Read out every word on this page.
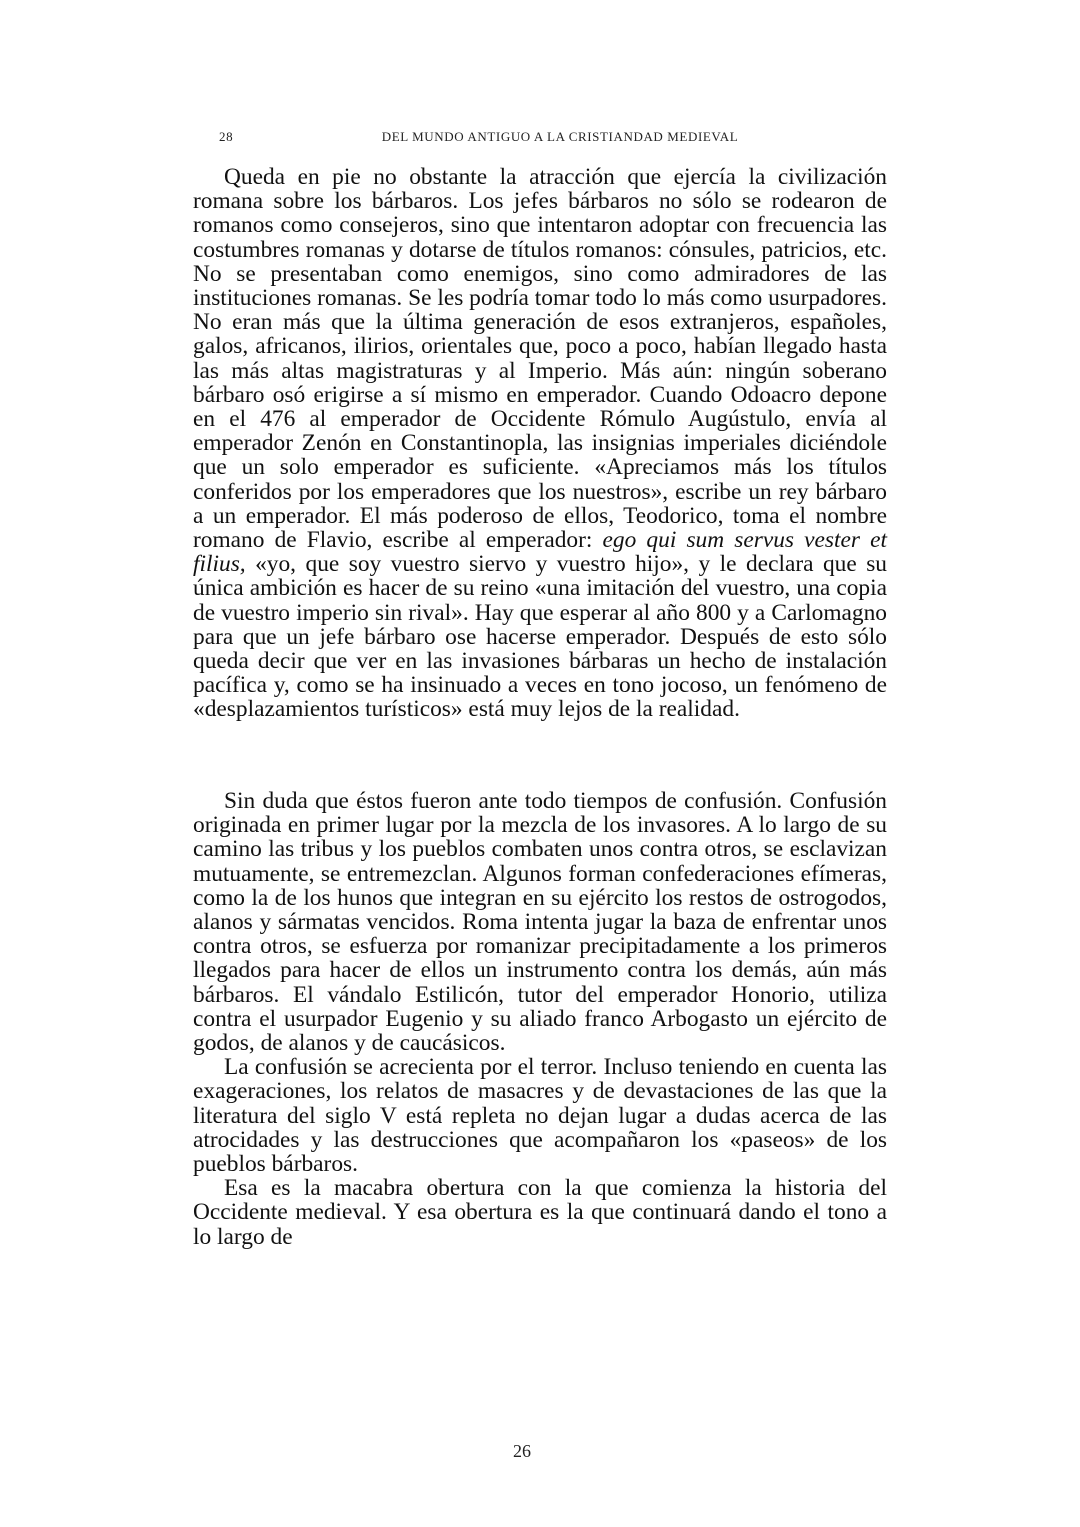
28	DEL MUNDO ANTIGUO A LA CRISTIANDAD MEDIEVAL

Queda en pie no obstante la atracción que ejercía la civilización romana sobre los bárbaros. Los jefes bárbaros no sólo se rodearon de romanos como consejeros, sino que intentaron adoptar con frecuencia las costumbres romanas y dotarse de títulos romanos: cónsules, patricios, etc. No se presentaban como enemigos, sino como admiradores de las instituciones romanas. Se les podría tomar todo lo más como usurpadores. No eran más que la última generación de esos extranjeros, españoles, galos, africanos, ilirios, orientales que, poco a poco, habían llegado hasta las más altas magistraturas y al Imperio. Más aún: ningún soberano bárbaro osó erigirse a sí mismo en emperador. Cuando Odoacro depone en el 476 al emperador de Occidente Rómulo Augústulo, envía al emperador Zenón en Constantinopla, las insignias imperiales diciéndole que un solo emperador es suficiente. «Apreciamos más los títulos conferidos por los emperadores que los nuestros», escribe un rey bárbaro a un emperador. El más poderoso de ellos, Teodorico, toma el nombre romano de Flavio, escribe al emperador: ego qui sum servus vester et filius, «yo, que soy vuestro siervo y vuestro hijo», y le declara que su única ambición es hacer de su reino «una imitación del vuestro, una copia de vuestro imperio sin rival». Hay que esperar al año 800 y a Carlomagno para que un jefe bárbaro ose hacerse emperador. Después de esto sólo queda decir que ver en las invasiones bárbaras un hecho de instalación pacífica y, como se ha insinuado a veces en tono jocoso, un fenómeno de «desplazamientos turísticos» está muy lejos de la realidad.

Sin duda que éstos fueron ante todo tiempos de confusión. Confusión originada en primer lugar por la mezcla de los invasores. A lo largo de su camino las tribus y los pueblos combaten unos contra otros, se esclavizan mutuamente, se entremezclan. Algunos forman confederaciones efímeras, como la de los hunos que integran en su ejército los restos de ostrogodos, alanos y sármatas vencidos. Roma intenta jugar la baza de enfrentar unos contra otros, se esfuerza por romanizar precipitadamente a los primeros llegados para hacer de ellos un instrumento contra los demás, aún más bárbaros. El vándalo Estilicón, tutor del emperador Honorio, utiliza contra el usurpador Eugenio y su aliado franco Arbogasto un ejército de godos, de alanos y de caucásicos.

La confusión se acrecienta por el terror. Incluso teniendo en cuenta las exageraciones, los relatos de masacres y de devastaciones de las que la literatura del siglo V está repleta no dejan lugar a dudas acerca de las atrocidades y las destrucciones que acompañaron los «paseos» de los pueblos bárbaros.

Esa es la macabra obertura con la que comienza la historia del Occidente medieval. Y esa obertura es la que continuará dando el tono a lo largo de

26
